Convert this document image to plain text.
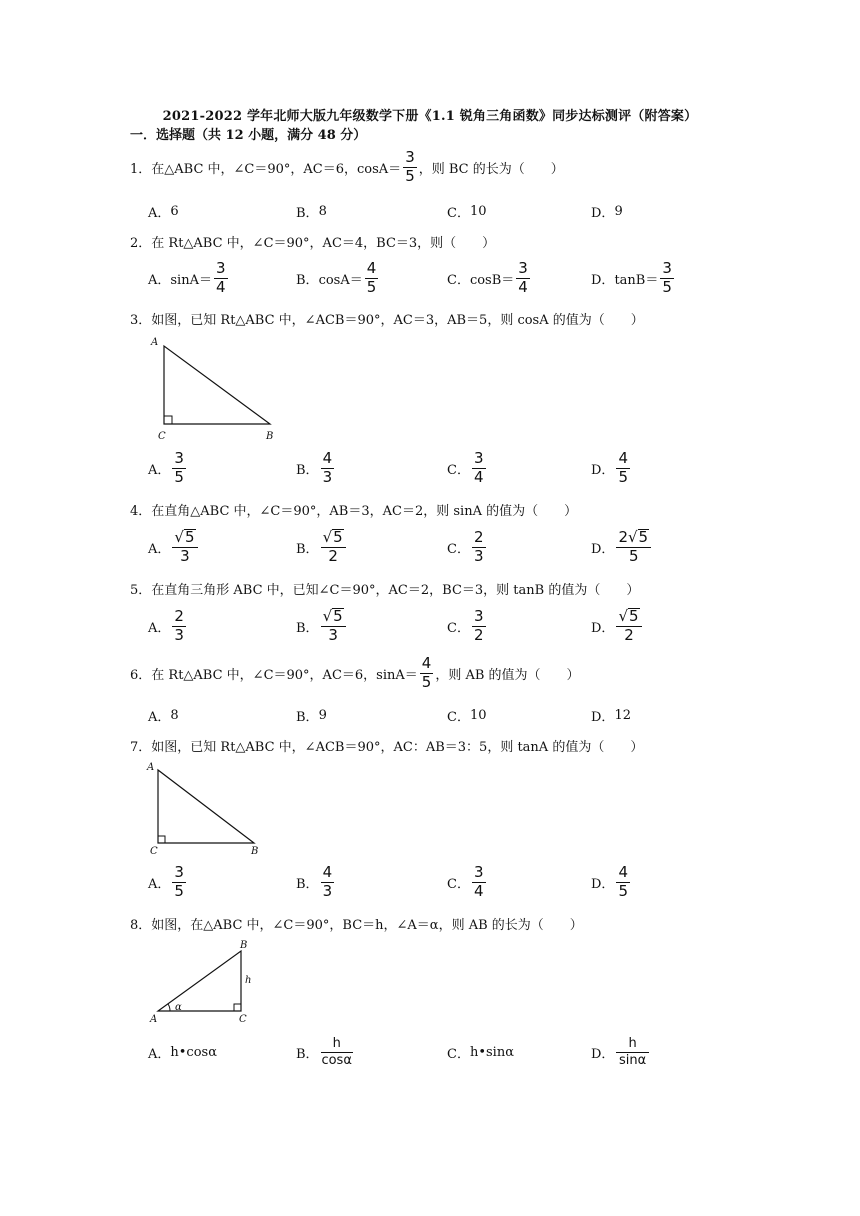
2021-2022 学年北师大版九年级数学下册《1.1 锐角三角函数》同步达标测评（附答案）
一．选择题（共 12 小题，满分 48 分）
1．在△ABC 中，∠C＝90°，AC＝6，$\cos A= \frac{3}{5}$ ，则 BC 的长为（　　）
A． 6	B． 8	C． 10	D． 9
2．在 Rt△ABC 中，∠C＝90°，AC＝4，BC＝3，则（　　）
A． $\sin A= \frac{3}{4}$	B． $\cos A= \frac{4}{5}$	C． $\cos B= \frac{3}{4}$	D． $\tan B= \frac{3}{5}$
3．如图，已知 Rt△ABC 中，∠ACB＝90°，AC＝3，AB＝5，则 cosA 的值为（　　）
A
C	B
A． $\frac{3}{5}$	B． $\frac{4}{3}$	C． $\frac{3}{4}$	D． $\frac{4}{5}$
4．在直角△ABC 中，∠C＝90°，AB＝3，AC＝2，则 sinA 的值为（　　）
A． $\frac{√ 5}{3}$	B． $\frac{√ 5}{2}$	C． $\frac{2}{3}$	D． $\frac{2 √ 5}{5}$
5．在直角三角形 ABC 中，已知∠C＝90°，AC＝2，BC＝3，则 tanB 的值为（　　）
A． $\frac{2}{3}$	B． $\frac{√ 5}{3}$	C． $\frac{3}{2}$	D． $\frac{√ 5}{2}$
6．在 Rt△ABC 中，∠C＝90°，AC＝6，$\sin A= \frac{4}{5}$ ，则 AB 的值为（　　）
A． 8	B． 9	C． 10	D． 12
7．如图，已知 Rt△ABC 中，∠ACB＝90°，AC：AB＝3：5，则 tanA 的值为（　　）
A
C	B
A． $\frac{3}{5}$	B． $\frac{4}{3}$	C． $\frac{3}{4}$	D． $\frac{4}{5}$
8．如图，在△ABC 中，∠C＝90°，BC＝h，∠A＝α，则 AB 的长为（　　）
B
A	C
h
α
A． h•cosα	B． $\frac{h}{\cos\alpha}$	C． h•sinα	D． $\frac{h}{\sin\alpha}$
